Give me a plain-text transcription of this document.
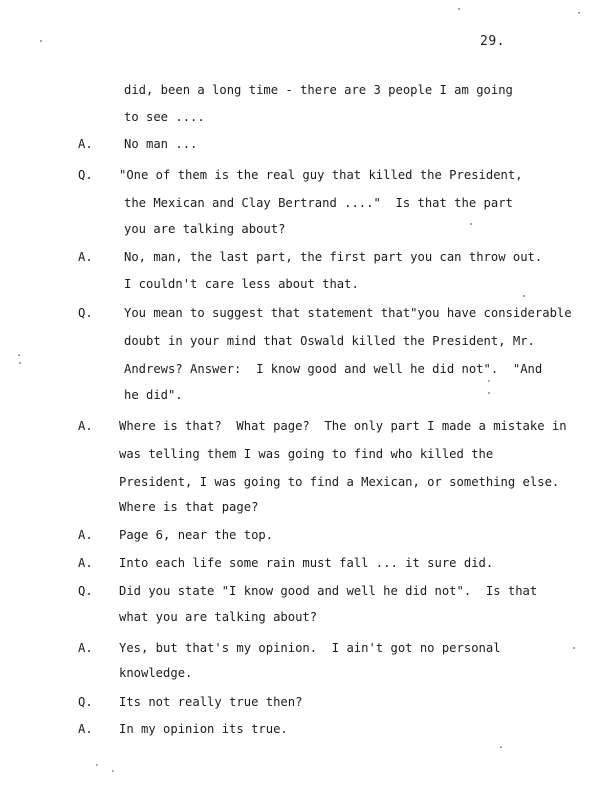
29.
did, been a long time - there are 3 people I am going
to see ....
A.	No man ...
Q. "One of them is the real guy that killed the President,
the Mexican and Clay Bertrand ...."  Is that the part
you are talking about?
A.	No, man, the last part, the first part you can throw out.
I couldn't care less about that.
Q.	You mean to suggest that statement that"you have considerable
doubt in your mind that Oswald killed the President, Mr.
Andrews? Answer:  I know good and well he did not".  "And
he did".
A. Where is that?  What page?  The only part I made a mistake in
was telling them I was going to find who killed the
President, I was going to find a Mexican, or something else.
Where is that page?
A. Page 6, near the top.
A. Into each life some rain must fall ... it sure did.
Q. Did you state "I know good and well he did not".  Is that
what you are talking about?
A. Yes, but that's my opinion.  I ain't got no personal
knowledge.
Q. Its not really true then?
A. In my opinion its true.
